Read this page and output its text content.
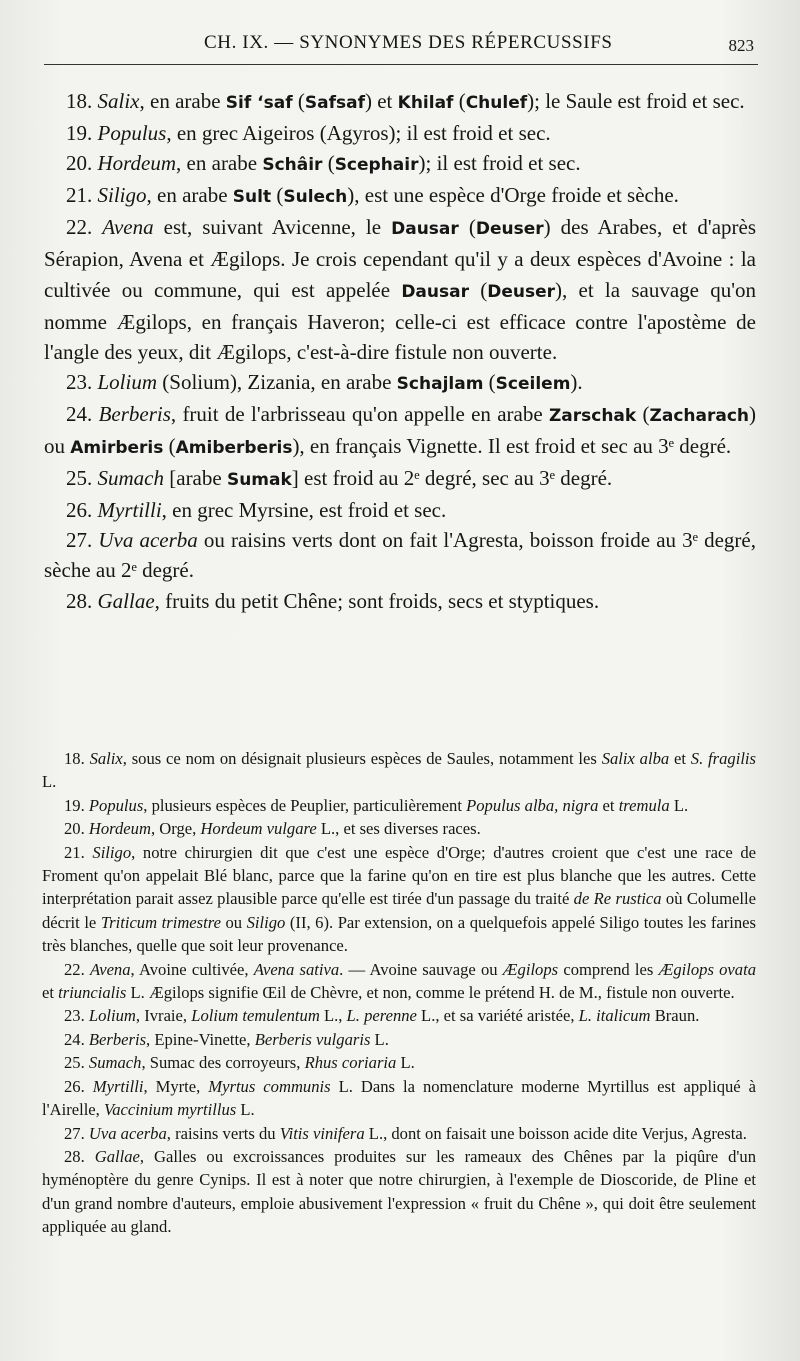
CH. IX. — SYNONYMES DES RÉPERCUSSIFS	823

18. Salix, en arabe Sif ‘saf (Safsaf) et Khilaf (Chulef); le Saule est froid et sec.

19. Populus, en grec Aigeiros (Agyros); il est froid et sec.

20. Hordeum, en arabe Schâir (Scephair); il est froid et sec.

21. Siligo, en arabe Sult (Sulech), est une espèce d'Orge froide et sèche.

22. Avena est, suivant Avicenne, le Dausar (Deuser) des Arabes, et d'après Sérapion, Avena et Ægilops. Je crois cependant qu'il y a deux espèces d'Avoine : la cultivée ou commune, qui est appelée Dausar (Deuser), et la sauvage qu'on nomme Ægilops, en français Haveron; celle-ci est efficace contre l'apostème de l'angle des yeux, dit Ægilops, c'est-à-dire fistule non ouverte.

23. Lolium (Solium), Zizania, en arabe Schajlam (Sceilem).

24. Berberis, fruit de l'arbrisseau qu'on appelle en arabe Zarschak (Zacharach) ou Amirberis (Amiberberis), en français Vignette. Il est froid et sec au 3ᵉ degré.

25. Sumach [arabe Sumak] est froid au 2ᵉ degré, sec au 3ᵉ degré.

26. Myrtilli, en grec Myrsine, est froid et sec.

27. Uva acerba ou raisins verts dont on fait l'Agresta, boisson froide au 3ᵉ degré, sèche au 2ᵉ degré.

28. Gallae, fruits du petit Chêne; sont froids, secs et styptiques.

18. Salix, sous ce nom on désignait plusieurs espèces de Saules, notamment les Salix alba et S. fragilis L.

19. Populus, plusieurs espèces de Peuplier, particulièrement Populus alba, nigra et tremula L.

20. Hordeum, Orge, Hordeum vulgare L., et ses diverses races.

21. Siligo, notre chirurgien dit que c'est une espèce d'Orge; d'autres croient que c'est une race de Froment qu'on appelait Blé blanc, parce que la farine qu'on en tire est plus blanche que les autres. Cette interprétation parait assez plausible parce qu'elle est tirée d'un passage du traité de Re rustica où Columelle décrit le Triticum trimestre ou Siligo (II, 6). Par extension, on a quelquefois appelé Siligo toutes les farines très blanches, quelle que soit leur provenance.

22. Avena, Avoine cultivée, Avena sativa. — Avoine sauvage ou Ægilops comprend les Ægilops ovata et triuncialis L. Ægilops signifie Œil de Chèvre, et non, comme le prétend H. de M., fistule non ouverte.

23. Lolium, Ivraie, Lolium temulentum L., L. perenne L., et sa variété aristée, L. italicum Braun.

24. Berberis, Epine-Vinette, Berberis vulgaris L.

25. Sumach, Sumac des corroyeurs, Rhus coriaria L.

26. Myrtilli, Myrte, Myrtus communis L. Dans la nomenclature moderne Myrtillus est appliqué à l'Airelle, Vaccinium myrtillus L.

27. Uva acerba, raisins verts du Vitis vinifera L., dont on faisait une boisson acide dite Verjus, Agresta.

28. Gallae, Galles ou excroissances produites sur les rameaux des Chênes par la piqûre d'un hyménoptère du genre Cynips. Il est à noter que notre chirurgien, à l'exemple de Dioscoride, de Pline et d'un grand nombre d'auteurs, emploie abusivement l'expression « fruit du Chêne », qui doit être seulement appliquée au gland.
